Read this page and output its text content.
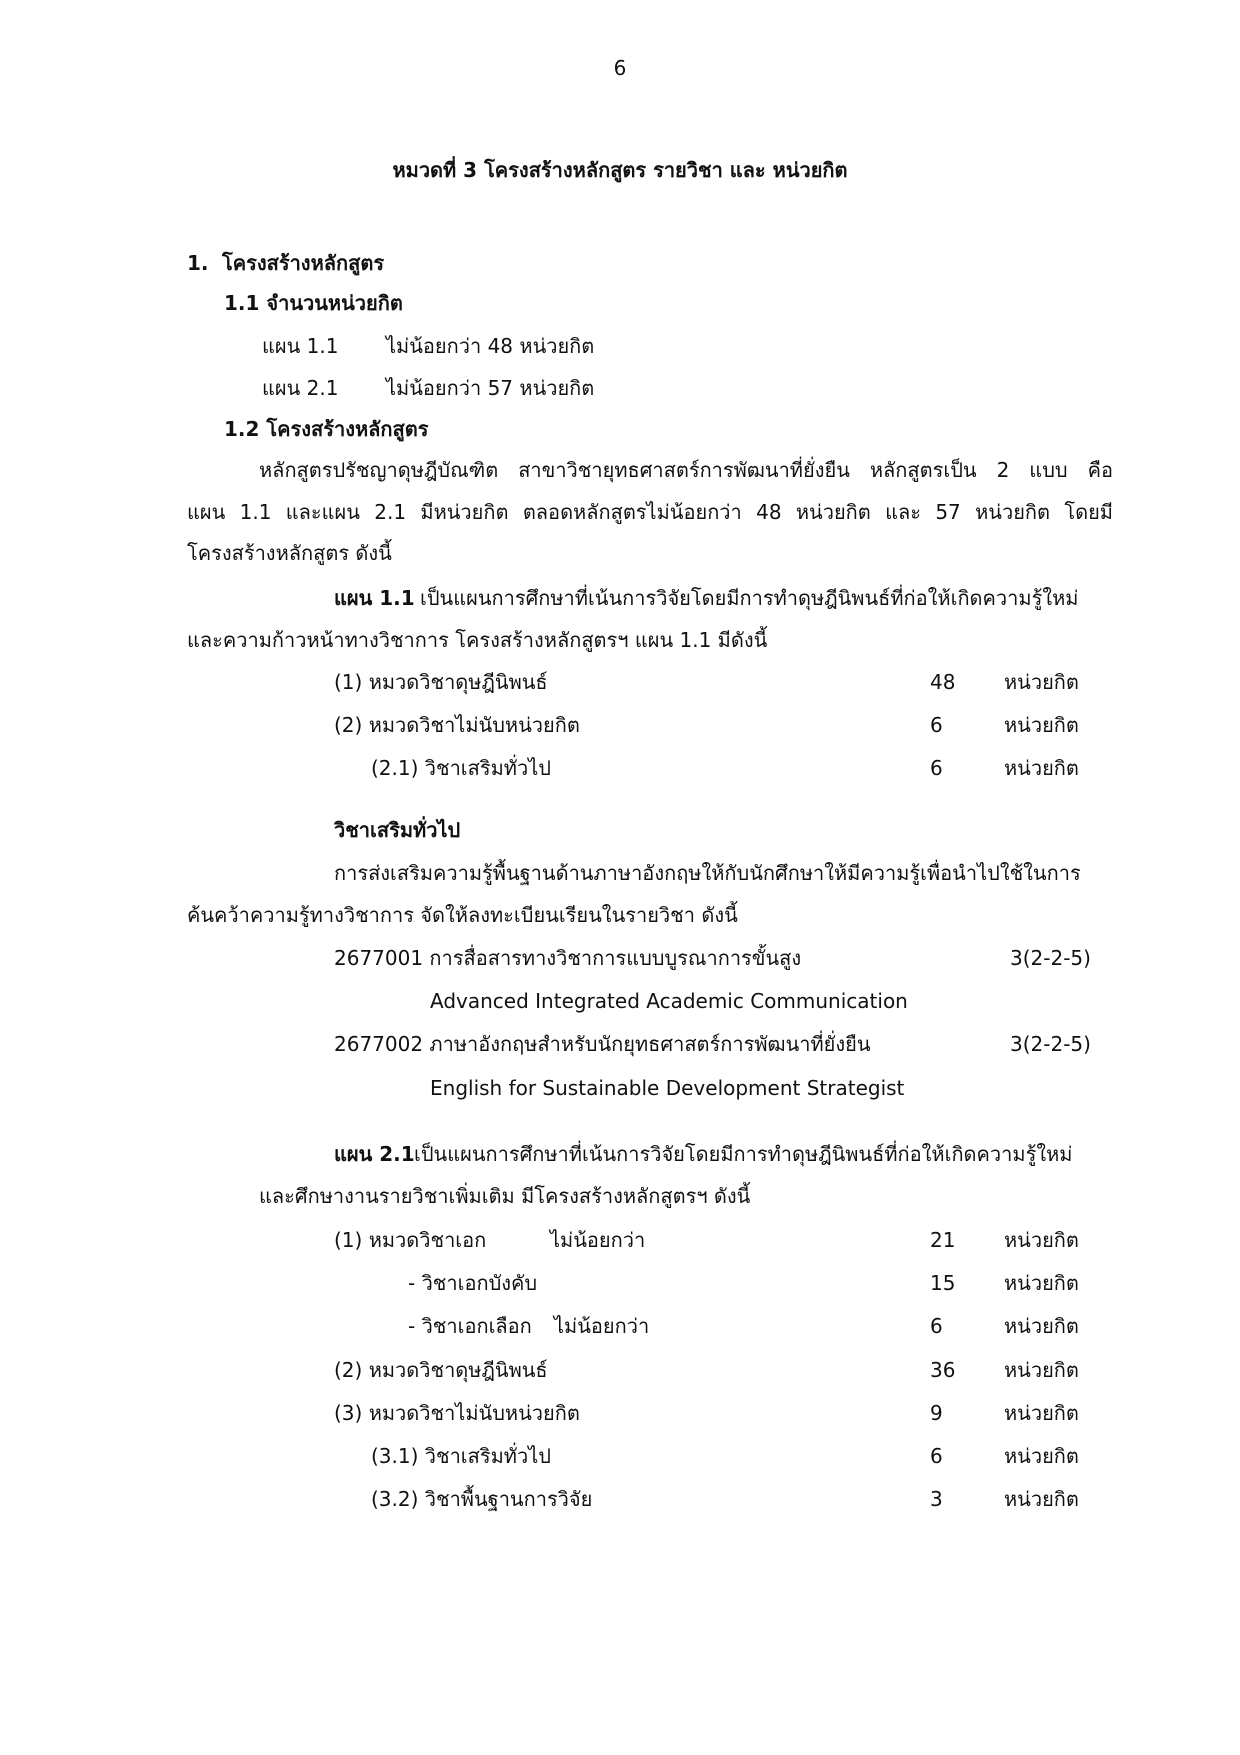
6
หมวดที่ 3 โครงสร้างหลักสูตร รายวิชา และ หน่วยกิต
1. โครงสร้างหลักสูตร
1.1 จำนวนหน่วยกิต
แผน 1.1 ไม่น้อยกว่า 48 หน่วยกิต
แผน 2.1 ไม่น้อยกว่า 57 หน่วยกิต
1.2 โครงสร้างหลักสูตร
หลักสูตรปรัชญาดุษฎีบัณฑิต สาขาวิชายุทธศาสตร์การพัฒนาที่ยั่งยืน หลักสูตรเป็น 2 แบบ คือ
แผน 1.1 และแผน 2.1 มีหน่วยกิต ตลอดหลักสูตรไม่น้อยกว่า 48 หน่วยกิต และ 57 หน่วยกิต โดยมี
โครงสร้างหลักสูตร ดังนี้
แผน 1.1 เป็นแผนการศึกษาที่เน้นการวิจัยโดยมีการทำดุษฎีนิพนธ์ที่ก่อให้เกิดความรู้ใหม่
และความก้าวหน้าทางวิชาการ โครงสร้างหลักสูตรฯ แผน 1.1 มีดังนี้
(1) หมวดวิชาดุษฎีนิพนธ์	48 หน่วยกิต
(2) หมวดวิชาไม่นับหน่วยกิต	6	หน่วยกิต
(2.1) วิชาเสริมทั่วไป	6	หน่วยกิต
วิชาเสริมทั่วไป
การส่งเสริมความรู้พื้นฐานด้านภาษาอังกฤษให้กับนักศึกษาให้มีความรู้เพื่อนำไปใช้ในการ
ค้นคว้าความรู้ทางวิชาการ จัดให้ลงทะเบียนเรียนในรายวิชา ดังนี้
2677001 การสื่อสารทางวิชาการแบบบูรณาการขั้นสูง	3(2-2-5)
Advanced Integrated Academic Communication
2677002 ภาษาอังกฤษสำหรับนักยุทธศาสตร์การพัฒนาที่ยั่งยืน	3(2-2-5)
English for Sustainable Development Strategist
แผน 2.1 เป็นแผนการศึกษาที่เน้นการวิจัยโดยมีการทำดุษฎีนิพนธ์ที่ก่อให้เกิดความรู้ใหม่
และศึกษางานรายวิชาเพิ่มเติม มีโครงสร้างหลักสูตรฯ ดังนี้
(1) หมวดวิชาเอก	ไม่น้อยกว่า	21 หน่วยกิต
- วิชาเอกบังคับ	15 หน่วยกิต
- วิชาเอกเลือก ไม่น้อยกว่า	6	หน่วยกิต
(2) หมวดวิชาดุษฎีนิพนธ์	36 หน่วยกิต
(3) หมวดวิชาไม่นับหน่วยกิต	9	หน่วยกิต
(3.1) วิชาเสริมทั่วไป	6	หน่วยกิต
(3.2) วิชาพื้นฐานการวิจัย	3	หน่วยกิต
